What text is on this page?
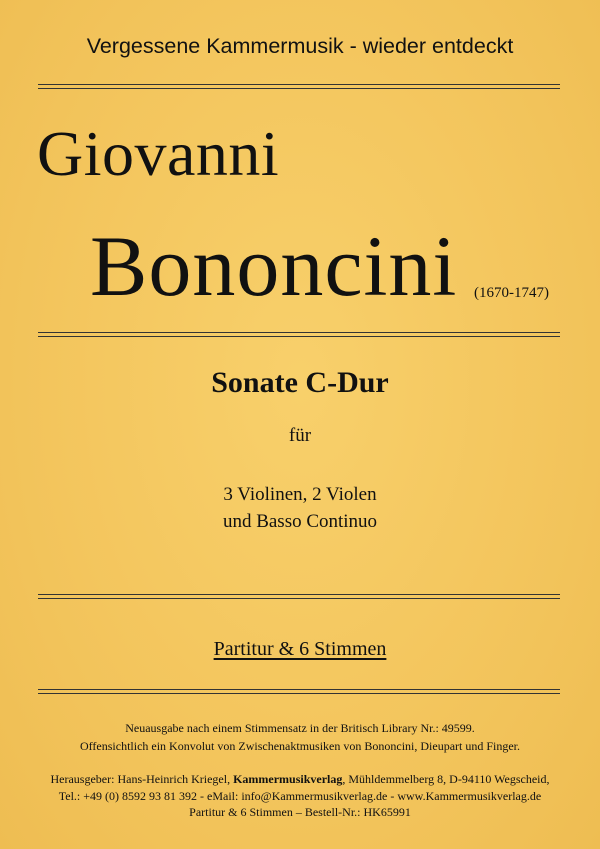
Vergessene Kammermusik - wieder entdeckt
Giovanni
Bononcini (1670-1747)
Sonate C-Dur
für
3 Violinen, 2 Violen
und Basso Continuo
Partitur & 6 Stimmen
Neuausgabe nach einem Stimmensatz in der Britisch Library Nr.: 49599.
Offensichtlich ein Konvolut von Zwischenaktmusiken von Bononcini, Dieupart und Finger.
Herausgeber: Hans-Heinrich Kriegel, Kammermusikverlag, Mühldemmelberg 8, D-94110 Wegscheid,
Tel.: +49 (0) 8592 93 81 392 - eMail: info@Kammermusikverlag.de - www.Kammermusikverlag.de
Partitur & 6 Stimmen – Bestell-Nr.: HK65991
